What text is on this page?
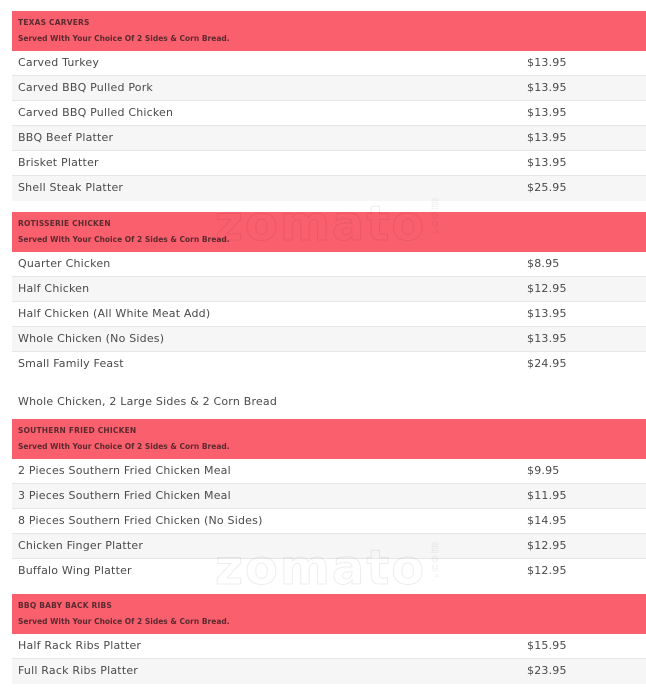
TEXAS CARVERS
Served With Your Choice Of 2 Sides & Corn Bread.
Carved Turkey	$13.95
Carved BBQ Pulled Pork	$13.95
Carved BBQ Pulled Chicken	$13.95
BBQ Beef Platter	$13.95
Brisket Platter	$13.95
Shell Steak Platter	$25.95
ROTISSERIE CHICKEN
Served With Your Choice Of 2 Sides & Corn Bread.
Quarter Chicken	$8.95
Half Chicken	$12.95
Half Chicken (All White Meat Add)	$13.95
Whole Chicken (No Sides)	$13.95
Small Family Feast	$24.95
Whole Chicken, 2 Large Sides & 2 Corn Bread
SOUTHERN FRIED CHICKEN
Served With Your Choice Of 2 Sides & Corn Bread.
2 Pieces Southern Fried Chicken Meal	$9.95
3 Pieces Southern Fried Chicken Meal	$11.95
8 Pieces Southern Fried Chicken (No Sides)	$14.95
Chicken Finger Platter	$12.95
Buffalo Wing Platter	$12.95
BBQ BABY BACK RIBS
Served With Your Choice Of 2 Sides & Corn Bread.
Half Rack Ribs Platter	$15.95
Full Rack Ribs Platter	$23.95
zomato
